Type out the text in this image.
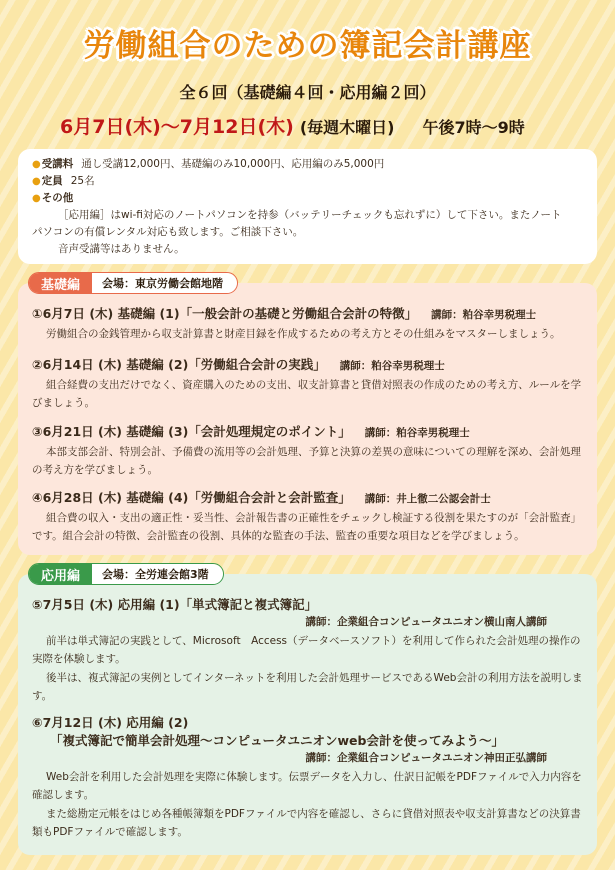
労働組合のための簿記会計講座
全６回（基礎編４回・応用編２回）
6月7日(木)〜7月12日(木) (毎週木曜日) 午後7時〜9時
●受講料 通し受講12,000円、基礎編のみ10,000円、応用編のみ5,000円
●定員 25名
●その他
［応用編］はwi-fi対応のノートパソコンを持参（バッテリーチェックも忘れずに）して下さい。またノート
パソコンの有償レンタル対応も致します。ご相談下さい。
音声受講等はありません。
基礎編	会場：東京労働会館地階
①6月7日 (木) 基礎編 (1)「一般会計の基礎と労働組合会計の特徴」 講師：粕谷幸男税理士
労働組合の金銭管理から収支計算書と財産目録を作成するための考え方とその仕組みをマスターしましょう。
②6月14日 (木) 基礎編 (2)「労働組合会計の実践」 講師：粕谷幸男税理士
組合経費の支出だけでなく、資産購入のための支出、収支計算書と貸借対照表の作成のための考え方、ルールを学びましょう。
③6月21日 (木) 基礎編 (3)「会計処理規定のポイント」 講師：粕谷幸男税理士
本部支部会計、特別会計、予備費の流用等の会計処理、予算と決算の差異の意味についての理解を深め、会計処理の考え方を学びましょう。
④6月28日 (木) 基礎編 (4)「労働組合会計と会計監査」 講師：井上徹二公認会計士
組合費の収入・支出の適正性・妥当性、会計報告書の正確性をチェックし検証する役割を果たすのが「会計監査」です。組合会計の特徴、会計監査の役割、具体的な監査の手法、監査の重要な項目などを学びましょう。
応用編	会場：全労連会館3階
⑤7月5日 (木) 応用編 (1)「単式簿記と複式簿記」
講師：企業組合コンピュータユニオン横山南人講師
前半は単式簿記の実践として、Microsoft　Access（データベースソフト）を利用して作られた会計処理の操作の実際を体験します。
後半は、複式簿記の実例としてインターネットを利用した会計処理サービスであるWeb会計の利用方法を説明します。
⑥7月12日 (木) 応用編 (2)
「複式簿記で簡単会計処理〜コンピュータユニオンweb会計を使ってみよう〜」
講師：企業組合コンピュータユニオン神田正弘講師
Web会計を利用した会計処理を実際に体験します。伝票データを入力し、仕訳日記帳をPDFファイルで入力内容を確認します。
また総勘定元帳をはじめ各種帳簿類をPDFファイルで内容を確認し、さらに貸借対照表や収支計算書などの決算書類もPDFファイルで確認します。
